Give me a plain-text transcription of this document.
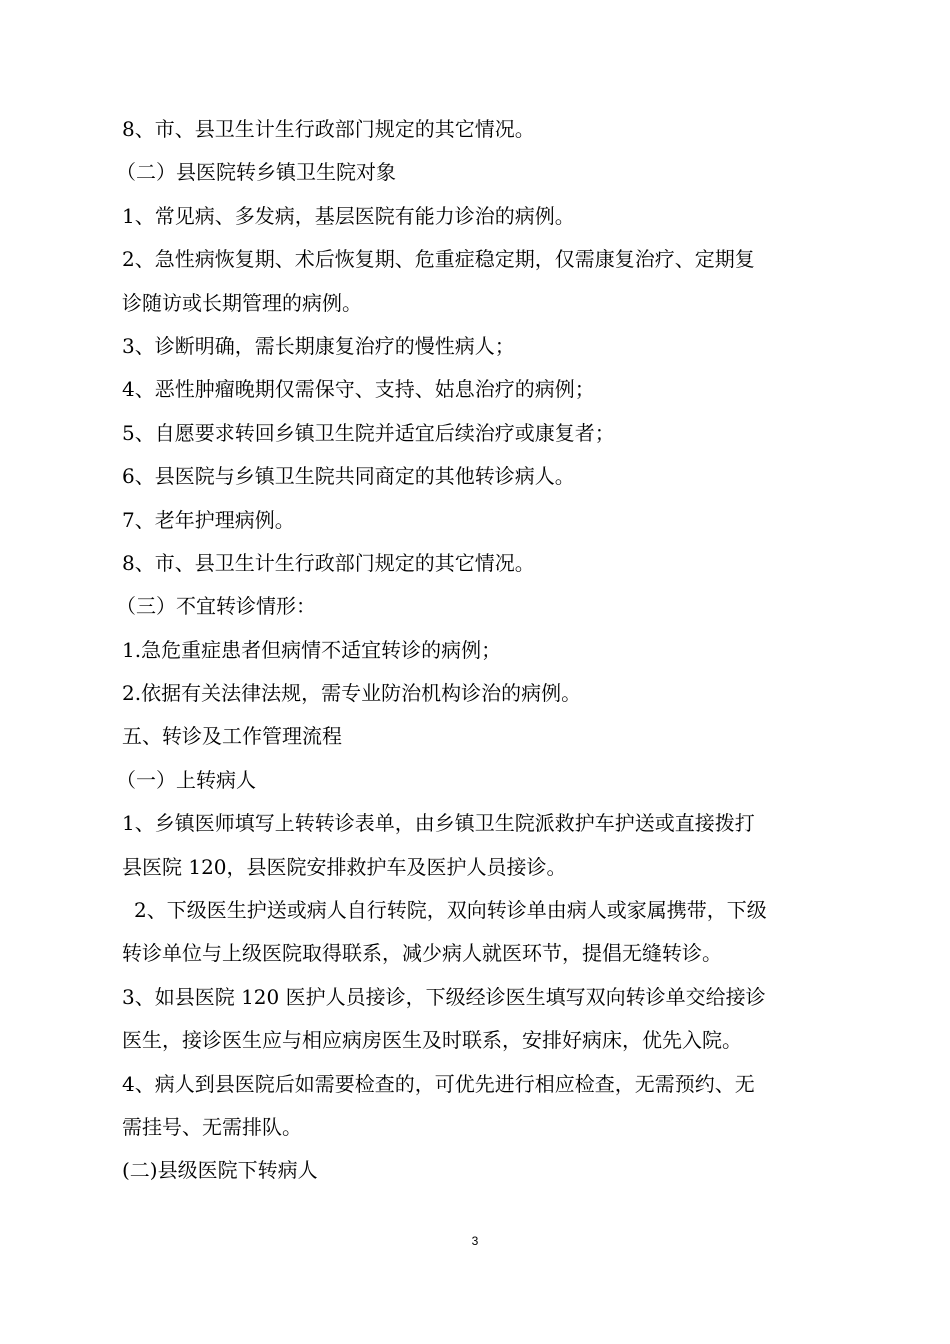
8、市、县卫生计生行政部门规定的其它情况。
（二）县医院转乡镇卫生院对象
1、常见病、多发病，基层医院有能力诊治的病例。
2、急性病恢复期、术后恢复期、危重症稳定期，仅需康复治疗、定期复
诊随访或长期管理的病例。
3、诊断明确，需长期康复治疗的慢性病人；
4、恶性肿瘤晚期仅需保守、支持、姑息治疗的病例；
5、自愿要求转回乡镇卫生院并适宜后续治疗或康复者；
6、县医院与乡镇卫生院共同商定的其他转诊病人。
7、老年护理病例。
8、市、县卫生计生行政部门规定的其它情况。
（三）不宜转诊情形：
1.急危重症患者但病情不适宜转诊的病例；
2.依据有关法律法规，需专业防治机构诊治的病例。
五、转诊及工作管理流程
（一）上转病人
1、乡镇医师填写上转转诊表单，由乡镇卫生院派救护车护送或直接拨打
县医院 120，县医院安排救护车及医护人员接诊。
2、下级医生护送或病人自行转院，双向转诊单由病人或家属携带，下级
转诊单位与上级医院取得联系，减少病人就医环节，提倡无缝转诊。
3、如县医院 120 医护人员接诊，下级经诊医生填写双向转诊单交给接诊
医生，接诊医生应与相应病房医生及时联系，安排好病床，优先入院。
4、病人到县医院后如需要检查的，可优先进行相应检查，无需预约、无
需挂号、无需排队。
(二)县级医院下转病人
3
